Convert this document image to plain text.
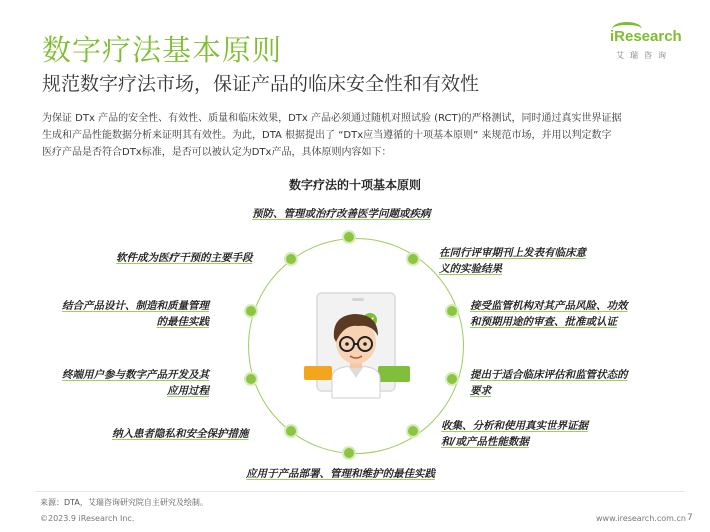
数字疗法基本原则
规范数字疗法市场，保证产品的临床安全性和有效性
iResearch
艾瑞咨询

为保证 DTx 产品的安全性、有效性、质量和临床效果，DTx 产品必须通过随机对照试验 (RCT)的严格测试，同时通过真实世界证据

生成和产品性能数据分析来证明其有效性。为此，DTA 根据提出了 “DTx应当遵循的十项基本原则” 来规范市场，并用以判定数字

医疗产品是否符合DTx标准，是否可以被认定为DTx产品，具体原则内容如下：

数字疗法的十项基本原则
预防、管理或治疗改善医学问题或疾病
在同行评审期刊上发表有临床意
义的实验结果
接受监管机构对其产品风险、功效
和预期用途的审查、批准或认证
提出于适合临床评估和监管状态的
要求
收集、分析和使用真实世界证据
和/或产品性能数据
应用于产品部署、管理和维护的最佳实践
纳入患者隐私和安全保护措施
终端用户参与数字产品开发及其
应用过程
结合产品设计、制造和质量管理
的最佳实践
软件成为医疗干预的主要手段
来源：DTA，艾瑞咨询研究院自主研究及绘制。
©2023.9 iResearch Inc.	www.iresearch.com.cn 7
